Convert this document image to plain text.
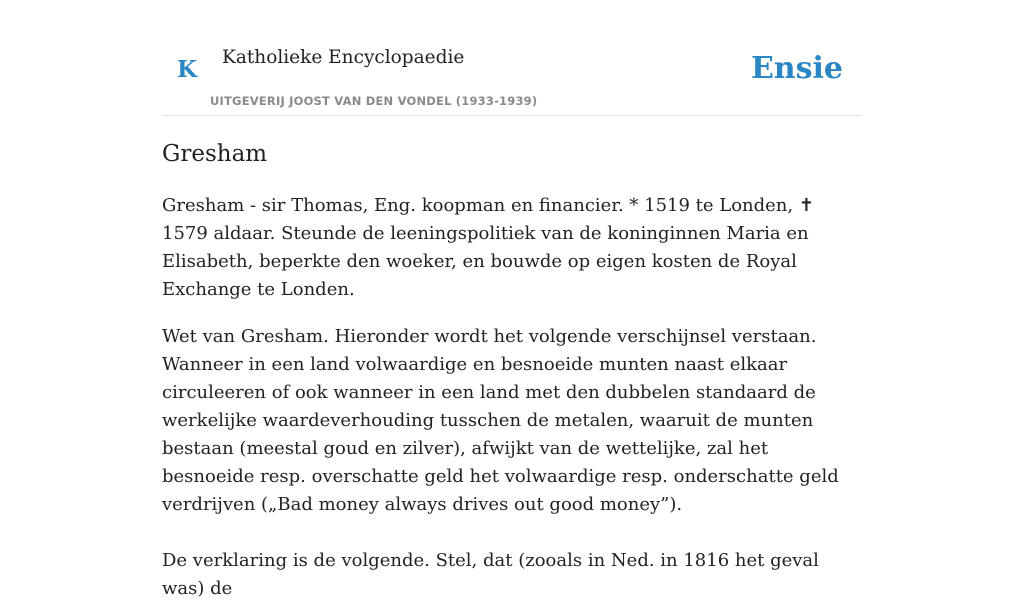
K Katholieke Encyclopaedie
UITGEVERIJ JOOST VAN DEN VONDEL (1933-1939)
Ensie
Gresham

Gresham - sir Thomas, Eng. koopman en financier. * 1519 te Londen, ✝ 1579 aldaar. Steunde de leeningspolitiek van de koninginnen Maria en Elisabeth, beperkte den woeker, en bouwde op eigen kosten de Royal Exchange te Londen.

Wet van Gresham. Hieronder wordt het volgende verschijnsel verstaan. Wanneer in een land volwaardige en besnoeide munten naast elkaar circuleeren of ook wanneer in een land met den dubbelen standaard de werkelijke waardeverhouding tusschen de metalen, waaruit de munten bestaan (meestal goud en zilver), afwijkt van de wettelijke, zal het besnoeide resp. overschatte geld het volwaardige resp. onderschatte geld verdrijven („Bad money always drives out good money”).

De verklaring is de volgende. Stel, dat (zooals in Ned. in 1816 het geval was) de
